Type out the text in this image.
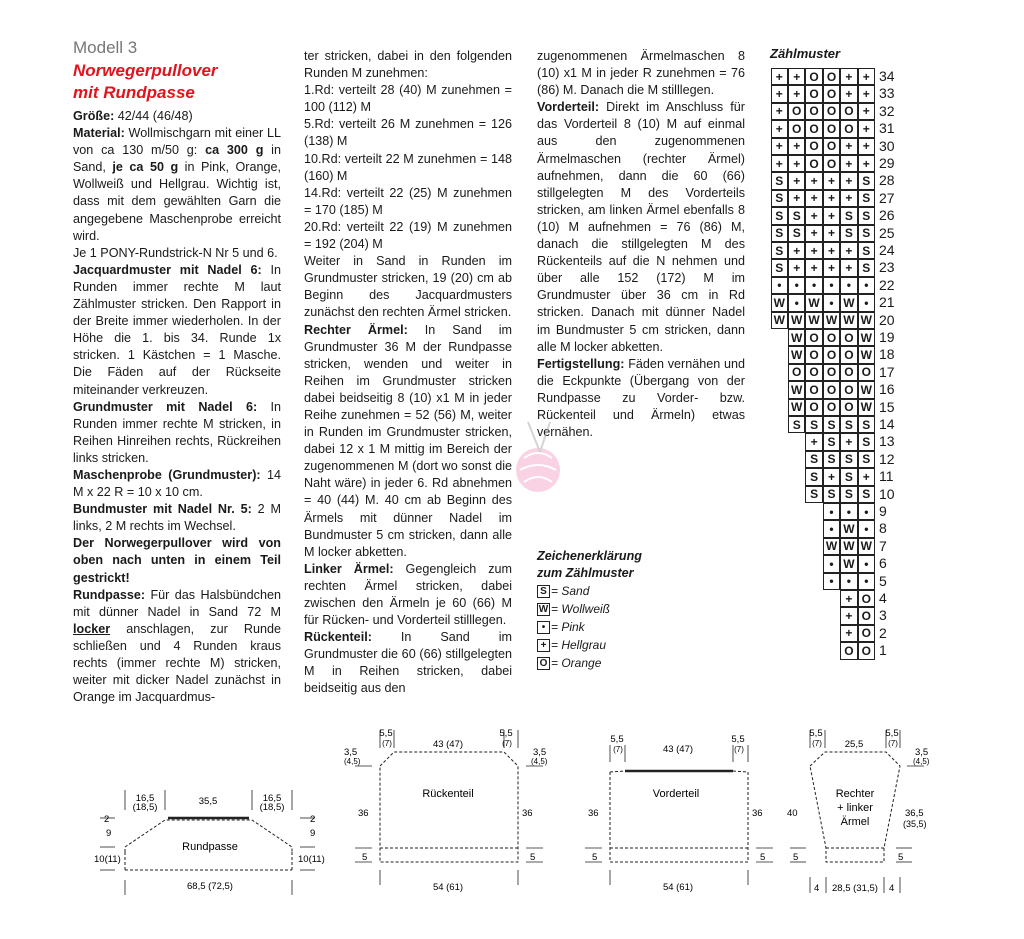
Modell 3
Norwegerpullover
mit Rundpasse

Größe: 42/44 (46/48)

Material: Wollmischgarn mit einer LL von ca 130 m/50 g: ca 300 g in Sand, je ca 50 g in Pink, Orange, Wollweiß und Hellgrau. Wichtig ist, dass mit dem gewählten Garn die angegebene Maschenprobe erreicht wird.

Je 1 PONY-Rundstrick-N Nr 5 und 6.

Jacquardmuster mit Nadel 6: In Runden immer rechte M laut Zählmuster stricken. Den Rapport in der Breite immer wiederholen. In der Höhe die 1. bis 34. Runde 1x stricken. 1 Kästchen = 1 Masche. Die Fäden auf der Rückseite miteinander verkreuzen.

Grundmuster mit Nadel 6: In Runden immer rechte M stricken, in Reihen Hinreihen rechts, Rückreihen links stricken.

Maschenprobe (Grundmuster): 14 M x 22 R = 10 x 10 cm.

Bundmuster mit Nadel Nr. 5: 2 M links, 2 M rechts im Wechsel.

Der Norwegerpullover wird von oben nach unten in einem Teil gestrickt!

Rundpasse: Für das Halsbündchen mit dünner Nadel in Sand 72 M locker anschlagen, zur Runde schließen und 4 Runden kraus rechts (immer rechte M) stricken, weiter mit dicker Nadel zunächst in Orange im Jacquardmus-

ter stricken, dabei in den folgenden Runden M zunehmen:

1.Rd: verteilt 28 (40) M zunehmen = 100 (112) M

5.Rd: verteilt 26 M zunehmen = 126 (138) M

10.Rd: verteilt 22 M zunehmen = 148 (160) M

14.Rd: verteilt 22 (25) M zunehmen = 170 (185) M

20.Rd: verteilt 22 (19) M zunehmen = 192 (204) M

Weiter in Sand in Runden im Grundmuster stricken, 19 (20) cm ab Beginn des Jacquardmusters zunächst den rechten Ärmel stricken.

Rechter Ärmel: In Sand im Grundmuster 36 M der Rundpasse stricken, wenden und weiter in Reihen im Grundmuster stricken dabei beidseitig 8 (10) x1 M in jeder Reihe zunehmen = 52 (56) M, weiter in Runden im Grundmuster stricken, dabei 12 x 1 M mittig im Bereich der zugenommenen M (dort wo sonst die Naht wäre) in jeder 6. Rd abnehmen = 40 (44) M. 40 cm ab Beginn des Ärmels mit dünner Nadel im Bundmuster 5 cm stricken, dann alle M locker abketten.

Linker Ärmel: Gegengleich zum rechten Ärmel stricken, dabei zwischen den Ärmeln je 60 (66) M für Rücken- und Vorderteil stilllegen.

Rückenteil: In Sand im Grundmuster die 60 (66) stillgelegten M in Reihen stricken, dabei beidseitig aus den

zugenommenen Ärmelmaschen 8 (10) x1 M in jeder R zunehmen = 76 (86) M. Danach die M stilllegen.

Vorderteil: Direkt im Anschluss für das Vorderteil 8 (10) M auf einmal aus den zugenommenen Ärmelmaschen (rechter Ärmel) aufnehmen, dann die 60 (66) stillgelegten M des Vorderteils stricken, am linken Ärmel ebenfalls 8 (10) M aufnehmen = 76 (86) M, danach die stillgelegten M des Rückenteils auf die N nehmen und über alle 152 (172) M im Grundmuster über 36 cm in Rd stricken. Danach mit dünner Nadel im Bundmuster 5 cm stricken, dann alle M locker abketten.

Fertigstellung: Fäden vernähen und die Eckpunkte (Übergang von der Rundpasse zu Vorder- bzw. Rückenteil und Ärmeln) etwas vernähen.

Zeichenerklärung
zum Zählmuster
S = Sand
W = Wollweiß
• = Pink
+ = Hellgrau
O = Orange
Zählmuster
+ + O O + + 34
+ + O O + + 33
+ O O O O + 32
+ O O O O + 31
+ + O O + + 30
+ + O O + + 29
S + + + + S 28
S + + + + S 27
S S + + S S 26
S S + + S S 25
S + + + + S 24
S + + + + S 23
•	•	•	•	•	• 22
W • W • W • 21
W W W W W W 20
W O O O W 19
W O O O W 18
O O O O O 17
W O O O W 16
W O O O W 15
S S S S S 14
+ S + S 13
S S S S 12
S + S + 11
S S S S 10
•	•	• 9
• W • 8
W W W 7
• W • 6
•	•	• 5
+ O 4
+ O 3
+ O 2
O O 1
Rundpasse
16,5
(18,5)
35,5	16,5
(18,5)
2
9
10(11)
2
9
10(11)
68,5 (72,5)
Rückenteil
5,5
(7)	43 (47)
5,5
(7)
3,5
(4,5)
3,5
(4,5)
36	36
5	5
54 (61)
Vorderteil
5,5
(7)	43 (47)
5,5
(7)
36	36
5	5
54 (61)
Rechter
+ linker
Ärmel
5,5
(7) 25,5
5,5
(7)
3,5
(4,5)
40	36,5
(35,5)
5	5
4 28,5 (31,5) 4
